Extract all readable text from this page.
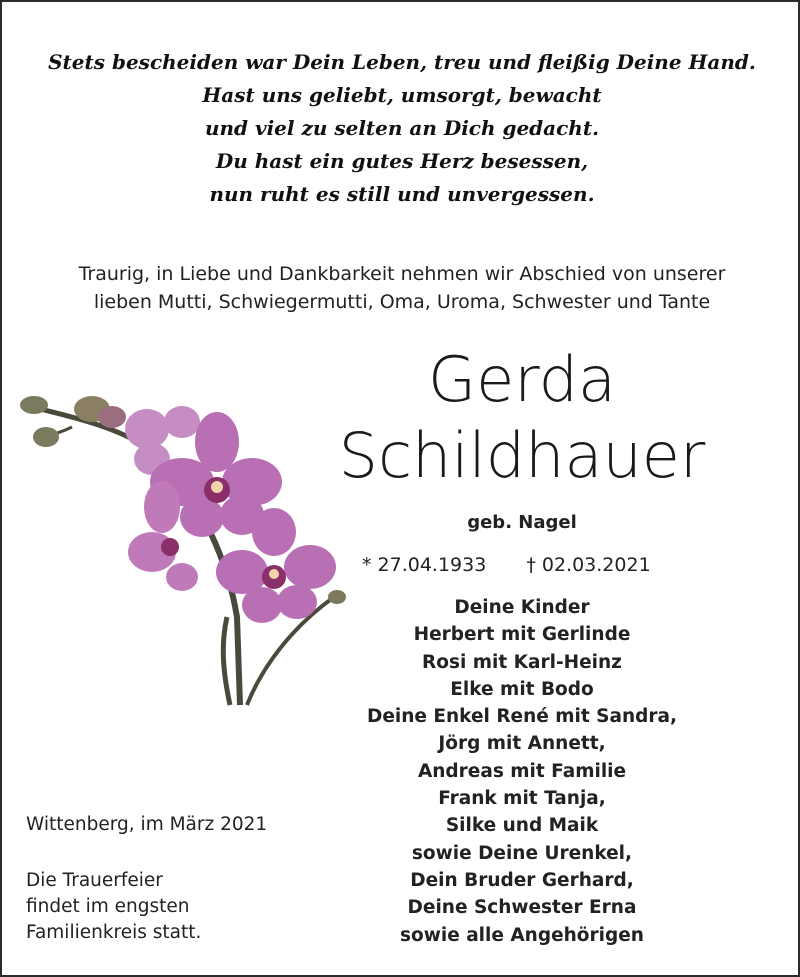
Stets bescheiden war Dein Leben, treu und fleißig Deine Hand.
Hast uns geliebt, umsorgt, bewacht
und viel zu selten an Dich gedacht.
Du hast ein gutes Herz besessen,
nun ruht es still und unvergessen.
Traurig, in Liebe und Dankbarkeit nehmen wir Abschied von unserer
lieben Mutti, Schwiegermutti, Oma, Uroma, Schwester und Tante
Gerda
Schildhauer
geb. Nagel
* 27.04.1933 † 02.03.2021
Deine Kinder
Herbert mit Gerlinde
Rosi mit Karl-Heinz
Elke mit Bodo
Deine Enkel René mit Sandra,
Jörg mit Annett,
Andreas mit Familie
Frank mit Tanja,
Silke und Maik
sowie Deine Urenkel,
Dein Bruder Gerhard,
Deine Schwester Erna
sowie alle Angehörigen
Wittenberg, im März 2021
Die Trauerfeier
findet im engsten
Familienkreis statt.
